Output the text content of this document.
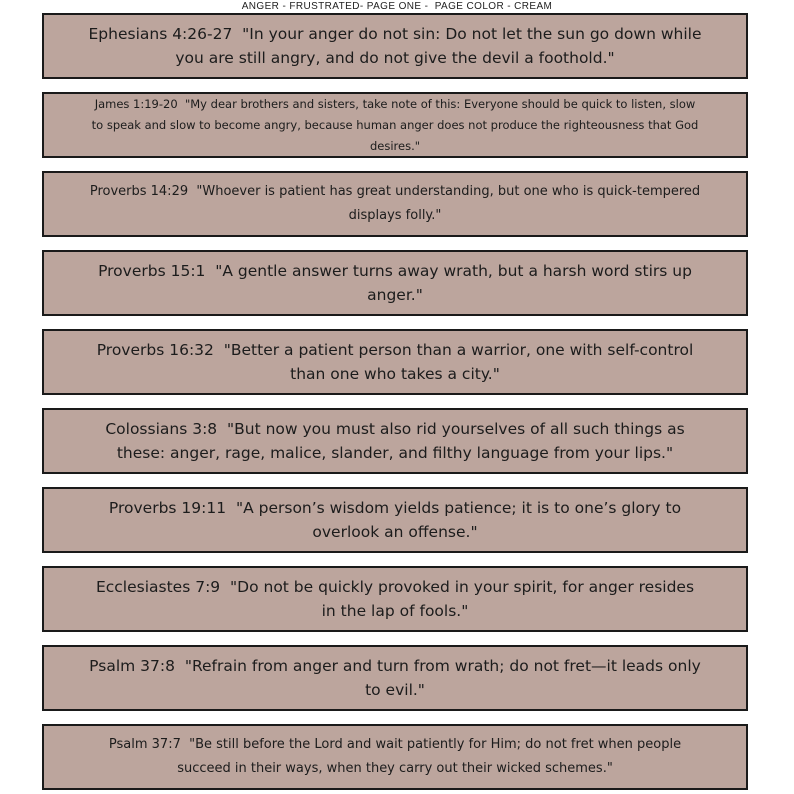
ANGER - FRUSTRATED- PAGE ONE -  PAGE COLOR - CREAM
Ephesians 4:26-27  "In your anger do not sin: Do not let the sun go down while you are still angry, and do not give the devil a foothold."
James 1:19-20  "My dear brothers and sisters, take note of this: Everyone should be quick to listen, slow to speak and slow to become angry, because human anger does not produce the righteousness that God desires."
Proverbs 14:29  "Whoever is patient has great understanding, but one who is quick-tempered displays folly."
Proverbs 15:1  "A gentle answer turns away wrath, but a harsh word stirs up anger."
Proverbs 16:32  "Better a patient person than a warrior, one with self-control than one who takes a city."
Colossians 3:8  "But now you must also rid yourselves of all such things as these: anger, rage, malice, slander, and filthy language from your lips."
Proverbs 19:11  "A person’s wisdom yields patience; it is to one’s glory to overlook an offense."
Ecclesiastes 7:9  "Do not be quickly provoked in your spirit, for anger resides in the lap of fools."
Psalm 37:8  "Refrain from anger and turn from wrath; do not fret—it leads only to evil."
Psalm 37:7  "Be still before the Lord and wait patiently for Him; do not fret when people succeed in their ways, when they carry out their wicked schemes."
